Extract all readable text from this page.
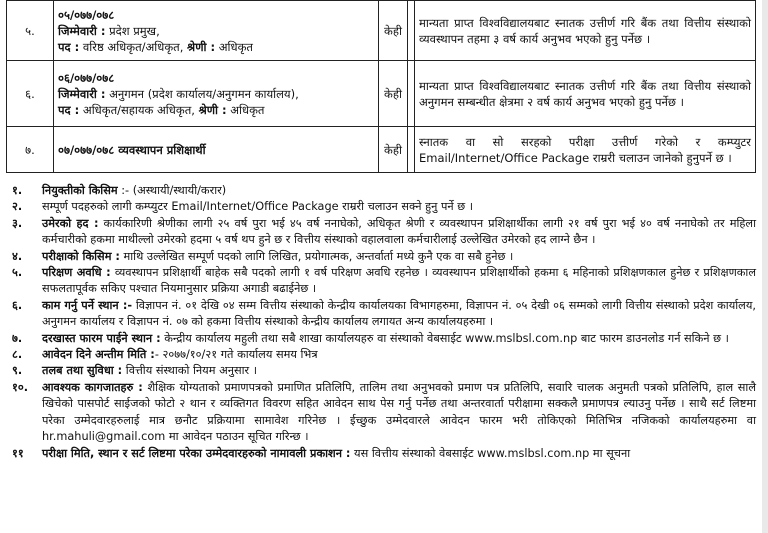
५.	०५/०७७/०७८
जिम्मेवारी : प्रदेश प्रमुख,
पद : वरिष्ठ अधिकृत/अधिकृत, श्रेणी : अधिकृत	केही		मान्यता प्राप्त विश्वविद्यालयबाट स्नातक उत्तीर्ण गरि बैंक तथा वित्तीय संस्थाको व्यवस्थापन तहमा ३ वर्ष कार्य अनुभव भएको हुनु पर्नेछ ।
६.	०६/०७७/०७८
जिम्मेवारी : अनुगमन (प्रदेश कार्यालय/अनुगमन कार्यालय),
पद : अधिकृत/सहायक अधिकृत, श्रेणी : अधिकृत	केही		मान्यता प्राप्त विश्वविद्यालयबाट स्नातक उत्तीर्ण गरि बैंक तथा वित्तीय संस्थाको अनुगमन सम्बन्धीत क्षेत्रमा २ वर्ष कार्य अनुभव भएको हुनु पर्नेछ ।
७.	०७/०७७/०७८ व्यवस्थापन प्रशिक्षार्थी	केही		स्नातक वा सो सरहको परीक्षा उत्तीर्ण गरेको र कम्प्युटर Email/Internet/Office Package राम्ररी चलाउन जानेको हुनुपर्ने छ ।
१.	नियुक्तीको किसिम :- (अस्थायी/स्थायी/करार)
२.	सम्पूर्ण पदहरुको लागी कम्प्युटर Email/Internet/Office Package राम्ररी चलाउन सक्ने हुनु पर्ने छ ।
३.	उमेरको हद : कार्यकारिणी श्रेणीका लागी २५ वर्ष पुरा भई ४५ वर्ष ननाघेको, अधिकृत श्रेणी र व्यवस्थापन प्रशिक्षार्थीका लागी २१ वर्ष पुरा भई ४० वर्ष ननाघेको तर महिला कर्मचारीको हकमा माथील्लो उमेरको हदमा ५ वर्ष थप हुने छ र वित्तीय संस्थाको वहालवाला कर्मचारीलाई उल्लेखित उमेरको हद लाग्ने छैन ।
४.	परीक्षाको किसिम : माथि उल्लेखित सम्पूर्ण पदको लागि लिखित, प्रयोगात्मक, अन्तर्वार्ता मध्ये कुनै एक वा सबै हुनेछ ।
५.	परिक्षण अवधि : व्यवस्थापन प्रशिक्षार्थी बाहेक सबै पदको लागी १ वर्ष परिक्षण अवधि रहनेछ । व्यवस्थापन प्रशिक्षार्थीको हकमा ६ महिनाको प्रशिक्षणकाल हुनेछ र प्रशिक्षणकाल सफलतापूर्वक सकिए पश्चात नियमानुसार प्रक्रिया अगाडी बढाईनेछ ।
६.	काम गर्नु पर्ने स्थान :- विज्ञापन नं. ०१ देखि ०४ सम्म वित्तीय संस्थाको केन्द्रीय कार्यालयका विभागहरुमा, विज्ञापन नं. ०५ देखी ०६ सम्मको लागी वित्तीय संस्थाको प्रदेश कार्यालय, अनुगमन कार्यालय र विज्ञापन नं. ०७ को हकमा वित्तीय संस्थाको केन्द्रीय कार्यालय लगायत अन्य कार्यालयहरुमा ।
७.	दरखास्त फारम पाईने स्थान : केन्द्रीय कार्यालय महुली तथा सबै शाखा कार्यालयहरु वा संस्थाको वेबसाईट www.mslbsl.com.np बाट फारम डाउनलोड गर्न सकिने छ ।
८.	आवेदन दिने अन्तीम मिति :- २०७७/१०/२१ गते कार्यालय समय भित्र
९.	तलब तथा सुविधा : वित्तीय संस्थाको नियम अनुसार ।
१०.	आवश्यक कागजातहरु : शैक्षिक योग्यताको प्रमाणपत्रको प्रमाणित प्रतिलिपि, तालिम तथा अनुभवको प्रमाण पत्र प्रतिलिपि, सवारि चालक अनुमती पत्रको प्रतिलिपि, हाल सालै खिचेको पासपोर्ट साईजको फोटो २ थान र व्यक्तिगत विवरण सहित आवेदन साथ पेस गर्नु पर्नेछ तथा अन्तरवार्ता परीक्षामा सक्कलै प्रमाणपत्र ल्याउनु पर्नेछ । साथै सर्ट लिष्टमा परेका उम्मेदवारहरुलाई मात्र छनौट प्रक्रियामा सामावेश गरिनेछ । ईच्छुक उम्मेदवारले आवेदन फारम भरी तोकिएको मितिभित्र नजिकको कार्यालयहरुमा वा hr.mahuli@gmail.com मा आवेदन पठाउन सूचित गरिन्छ ।
११	परीक्षा मिति, स्थान र सर्ट लिष्टमा परेका उम्मेदवारहरुको नामावली प्रकाशन : यस वित्तीय संस्थाको वेबसाईट www.mslbsl.com.np मा सूचना
